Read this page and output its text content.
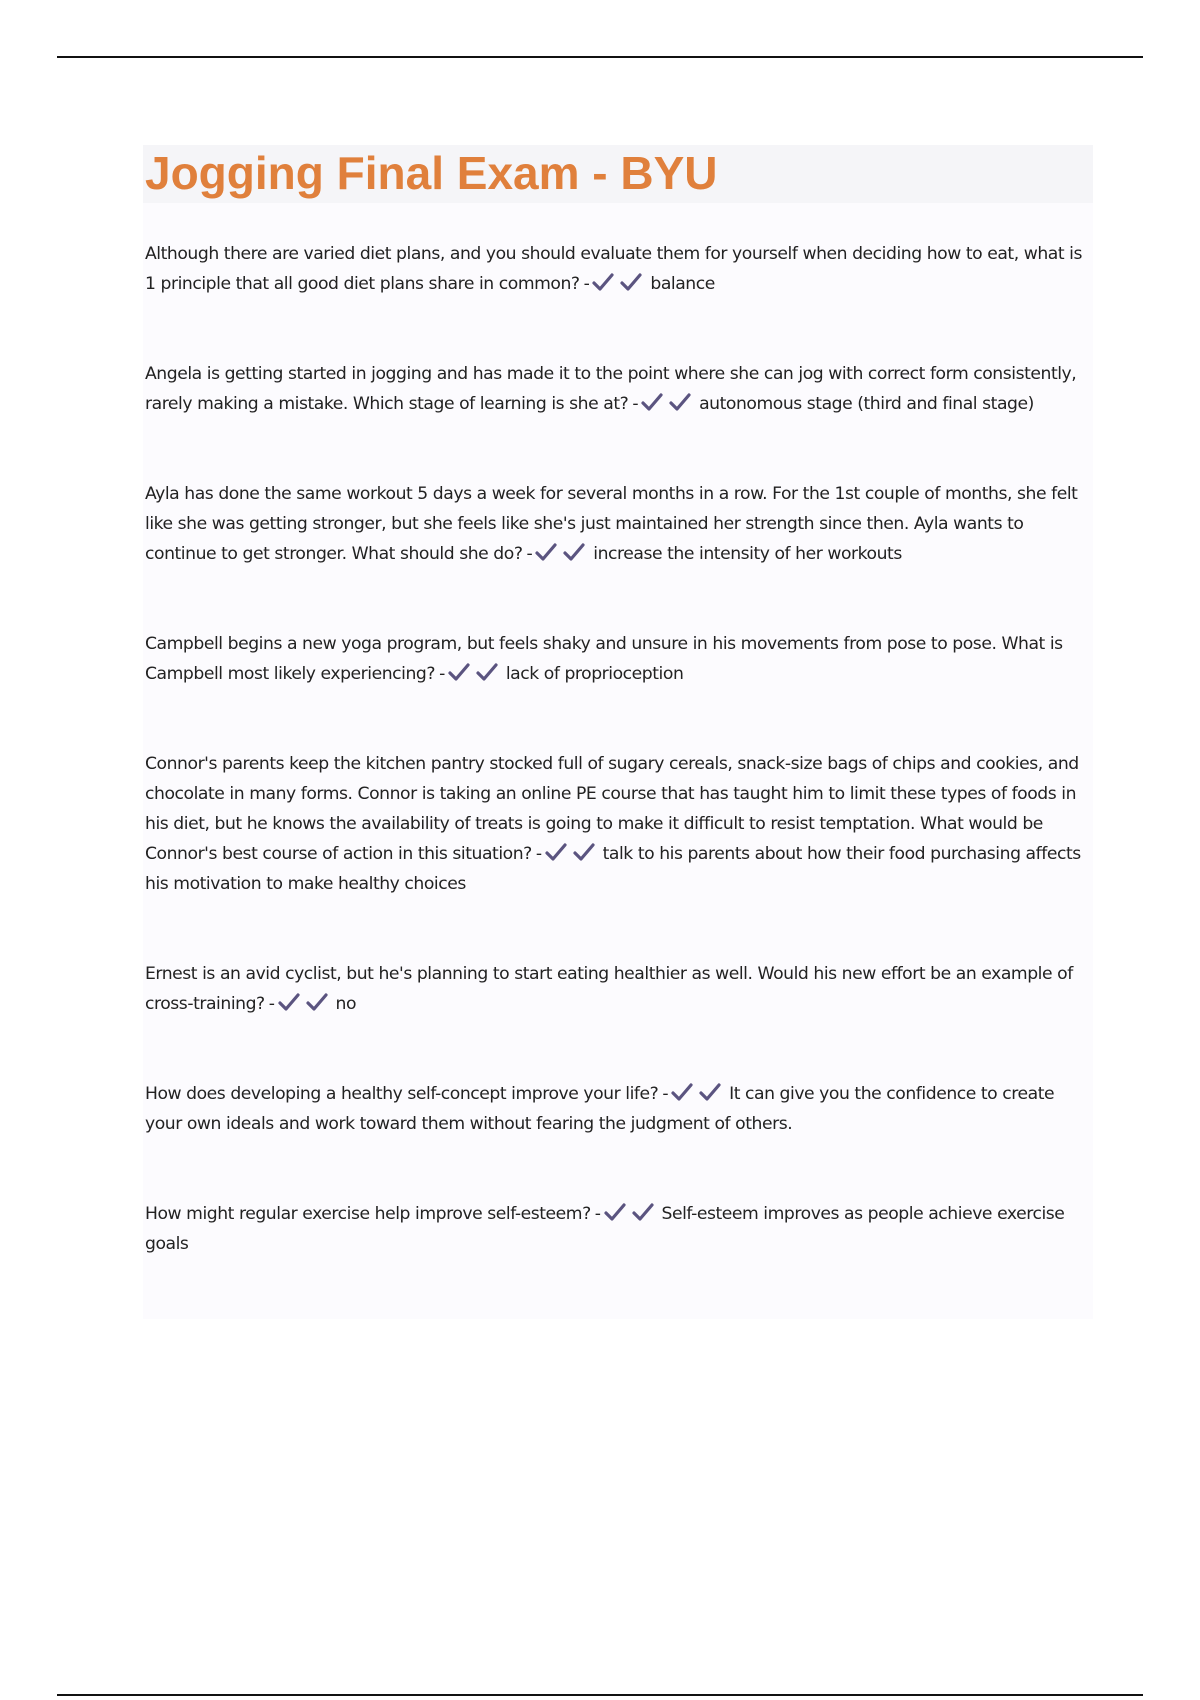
Jogging Final Exam - BYU

Although there are varied diet plans, and you should evaluate them for yourself when deciding how to eat, what is 1 principle that all good diet plans share in common? -	balance

Angela is getting started in jogging and has made it to the point where she can jog with correct form consistently, rarely making a mistake. Which stage of learning is she at? -	autonomous stage (third and final stage)

Ayla has done the same workout 5 days a week for several months in a row. For the 1st couple of months, she felt like she was getting stronger, but she feels like she's just maintained her strength since then. Ayla wants to continue to get stronger. What should she do? -	increase the intensity of her workouts

Campbell begins a new yoga program, but feels shaky and unsure in his movements from pose to pose. What is Campbell most likely experiencing? -	lack of proprioception

Connor's parents keep the kitchen pantry stocked full of sugary cereals, snack-size bags of chips and cookies, and chocolate in many forms. Connor is taking an online PE course that has taught him to limit these types of foods in his diet, but he knows the availability of treats is going to make it difficult to resist temptation. What would be Connor's best course of action in this situation? -	talk to his parents about how their food purchasing affects his motivation to make healthy choices

Ernest is an avid cyclist, but he's planning to start eating healthier as well. Would his new effort be an example of cross-training? -	no

How does developing a healthy self-concept improve your life? -	It can give you the confidence to create your own ideals and work toward them without fearing the judgment of others.

How might regular exercise help improve self-esteem? -	Self-esteem improves as people achieve exercise goals
